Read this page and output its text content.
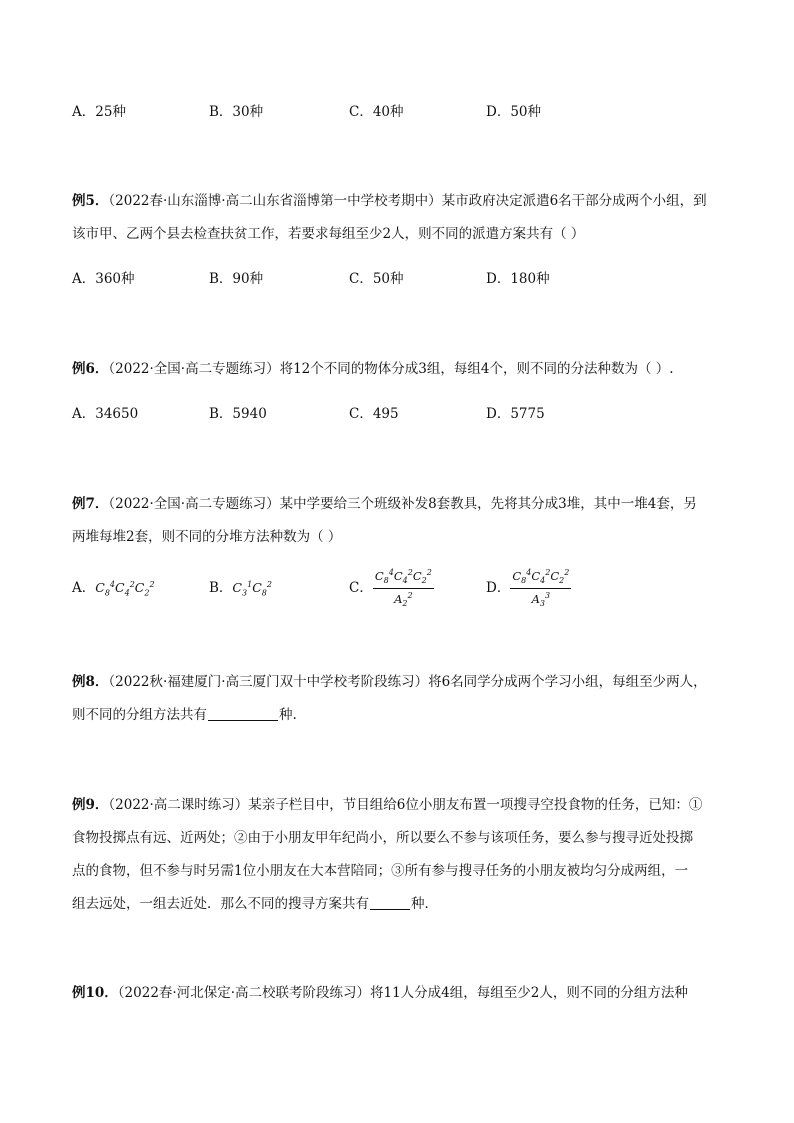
A．25种	B．30种	C．40种	D．50种
例5．（2022春·山东淄博·高二山东省淄博第一中学校考期中）某市政府决定派遣6名干部分成两个小组，到
该市甲、乙两个县去检查扶贫工作，若要求每组至少2人，则不同的派遣方案共有（ ）
A．360种	B．90种	C．50种	D．180种
例6．（2022·全国·高二专题练习）将12个不同的物体分成3组，每组4个，则不同的分法种数为（ ）.
A．34650	B．5940	C．495	D．5775
例7．（2022·全国·高二专题练习）某中学要给三个班级补发8套教具，先将其分成3堆，其中一堆4套，另
两堆每堆2套，则不同的分堆方法种数为（ ）
A．$C_8^4C_4^2C_2^2$	B．$C_3^1C_8^2$	C． $\frac{C_8^4C_4^2C_2^2}{A_2^2}$	D． $\frac{C_8^4C_4^2C_2^2}{A_3^3}$
例8．（2022秋·福建厦门·高三厦门双十中学校考阶段练习）将6名同学分成两个学习小组，每组至少两人，
则不同的分组方法共有	种.
例9．（2022·高二课时练习）某亲子栏目中，节目组给6位小朋友布置一项搜寻空投食物的任务，已知：①
食物投掷点有远、近两处；②由于小朋友甲年纪尚小，所以要么不参与该项任务，要么参与搜寻近处投掷
点的食物，但不参与时另需1位小朋友在大本营陪同；③所有参与搜寻任务的小朋友被均匀分成两组，一
组去远处，一组去近处．那么不同的搜寻方案共有	种．
例10．（2022春·河北保定·高二校联考阶段练习）将11人分成4组，每组至少2人，则不同的分组方法种
